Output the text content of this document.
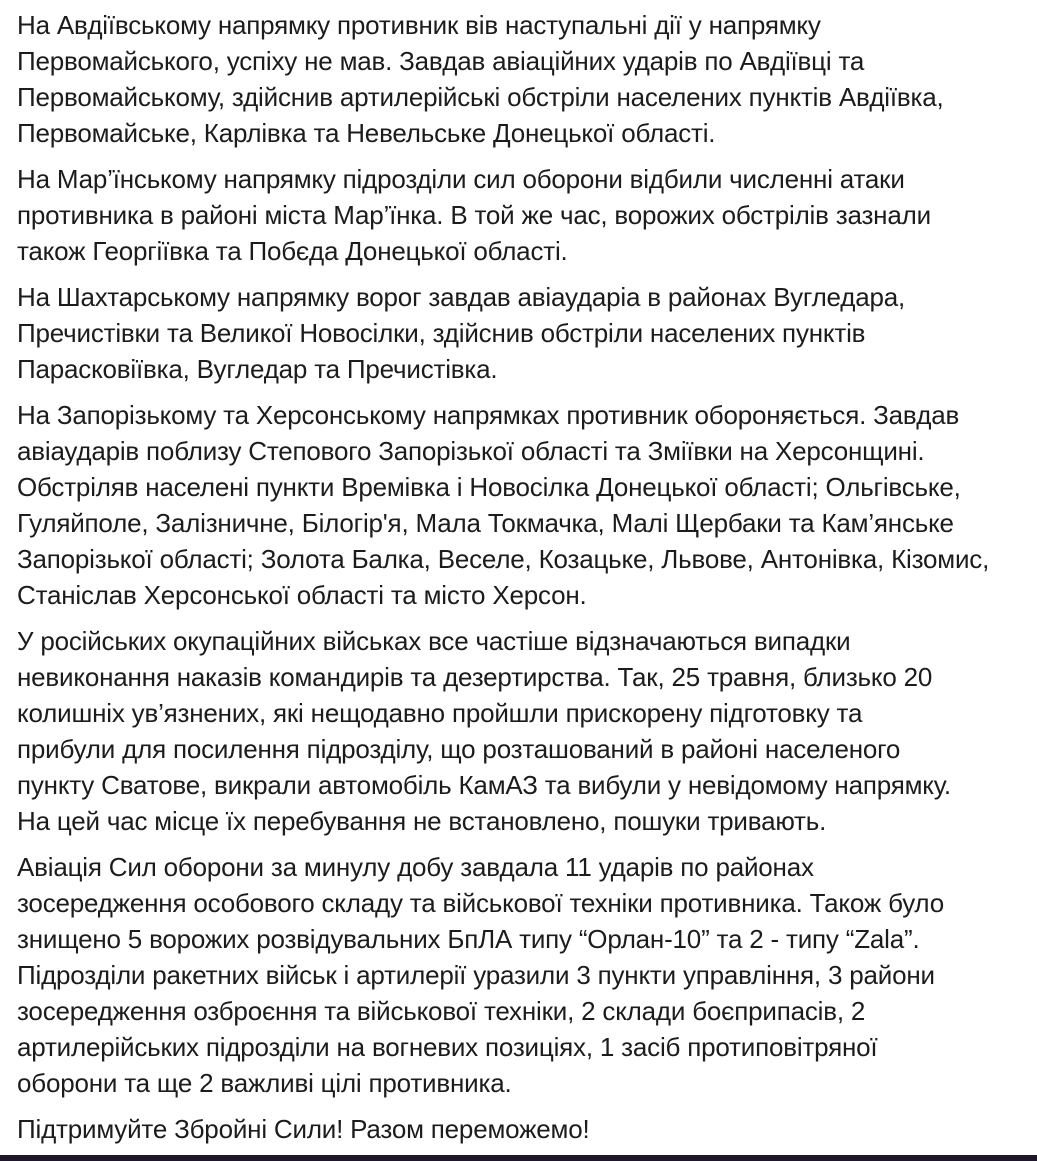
На Авдіївському напрямку противник вів наступальні дії у напрямку
Первомайського, успіху не мав. Завдав авіаційних ударів по Авдіївці та
Первомайському, здійснив артилерійські обстріли населених пунктів Авдіївка,
Первомайське, Карлівка та Невельське Донецької області.

На Мар’їнському напрямку підрозділи сил оборони відбили численні атаки
противника в районі міста Мар’їнка. В той же час, ворожих обстрілів зазнали
також Георгіївка та Побєда Донецької області.

На Шахтарському напрямку ворог завдав авіаударіа в районах Вугледара,
Пречистівки та Великої Новосілки, здійснив обстріли населених пунктів
Парасковіївка, Вугледар та Пречистівка.

На Запорізькому та Херсонському напрямках противник обороняється. Завдав
авіаударів поблизу Степового Запорізької області та Зміївки на Херсонщині.
Обстріляв населені пункти Времівка і Новосілка Донецької області; Ольгівське,
Гуляйполе, Залізничне, Білогір'я, Мала Токмачка, Малі Щербаки та Кам’янське
Запорізької області; Золота Балка, Веселе, Козацьке, Львове, Антонівка, Кізомис,
Станіслав Херсонської області та місто Херсон.

У російських окупаційних військах все частіше відзначаються випадки
невиконання наказів командирів та дезертирства. Так, 25 травня, близько 20
колишніх ув’язнених, які нещодавно пройшли прискорену підготовку та
прибули для посилення підрозділу, що розташований в районі населеного
пункту Сватове, викрали автомобіль КамАЗ та вибули у невідомому напрямку.
На цей час місце їх перебування не встановлено, пошуки тривають.

Авіація Сил оборони за минулу добу завдала 11 ударів по районах
зосередження особового складу та військової техніки противника. Також було
знищено 5 ворожих розвідувальних БпЛА типу “Орлан-10” та 2 - типу “Zala”.
Підрозділи ракетних військ і артилерії уразили 3 пункти управління, 3 райони
зосередження озброєння та військової техніки, 2 склади боєприпасів, 2
артилерійських підрозділи на вогневих позиціях, 1 засіб протиповітряної
оборони та ще 2 важливі цілі противника.

Підтримуйте Збройні Сили! Разом переможемо!
